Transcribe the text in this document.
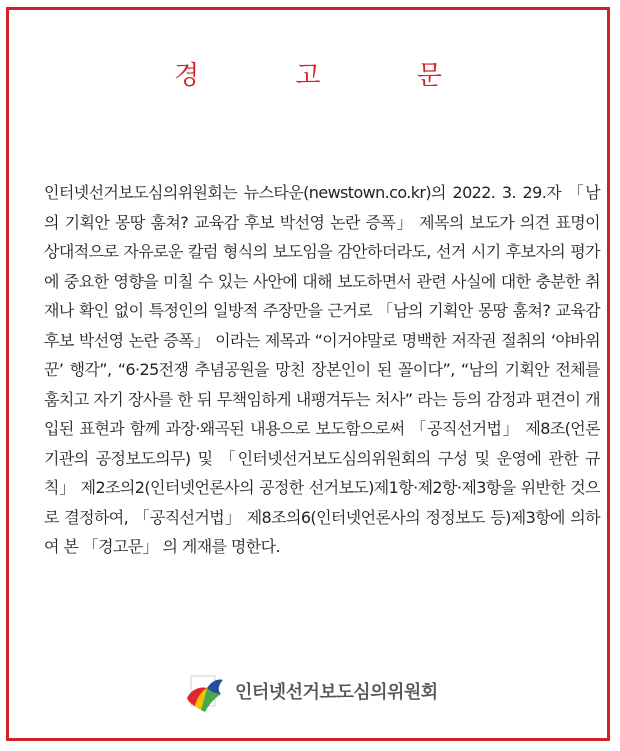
경 고 문

인터넷선거보도심의위원회는 뉴스타운(newstown.co.kr)의 2022. 3. 29.자 「남의 기획안 몽땅 훔쳐? 교육감 후보 박선영 논란 증폭」 제목의 보도가 의견 표명이 상대적으로 자유로운 칼럼 형식의 보도임을 감안하더라도, 선거 시기 후보자의 평가에 중요한 영향을 미칠 수 있는 사안에 대해 보도하면서 관련 사실에 대한 충분한 취재나 확인 없이 특정인의 일방적 주장만을 근거로 「남의 기획안 몽땅 훔쳐? 교육감 후보 박선영 논란 증폭」 이라는 제목과 “이거야말로 명백한 저작권 절취의 ‘야바위꾼’ 행각”, “6·25전쟁 추념공원을 망친 장본인이 된 꼴이다”, “남의 기획안 전체를 훔치고 자기 장사를 한 뒤 무책임하게 내팽겨두는 처사” 라는 등의 감정과 편견이 개입된 표현과 함께 과장·왜곡된 내용으로 보도함으로써 「공직선거법」 제8조(언론기관의 공정보도의무) 및 「인터넷선거보도심의위원회의 구성 및 운영에 관한 규칙」 제2조의2(인터넷언론사의 공정한 선거보도)제1항·제2항·제3항을 위반한 것으로 결정하여, 「공직선거법」 제8조의6(인터넷언론사의 정정보도 등)제3항에 의하여 본 「경고문」 의 게재를 명한다.

인터넷선거보도심의위원회
